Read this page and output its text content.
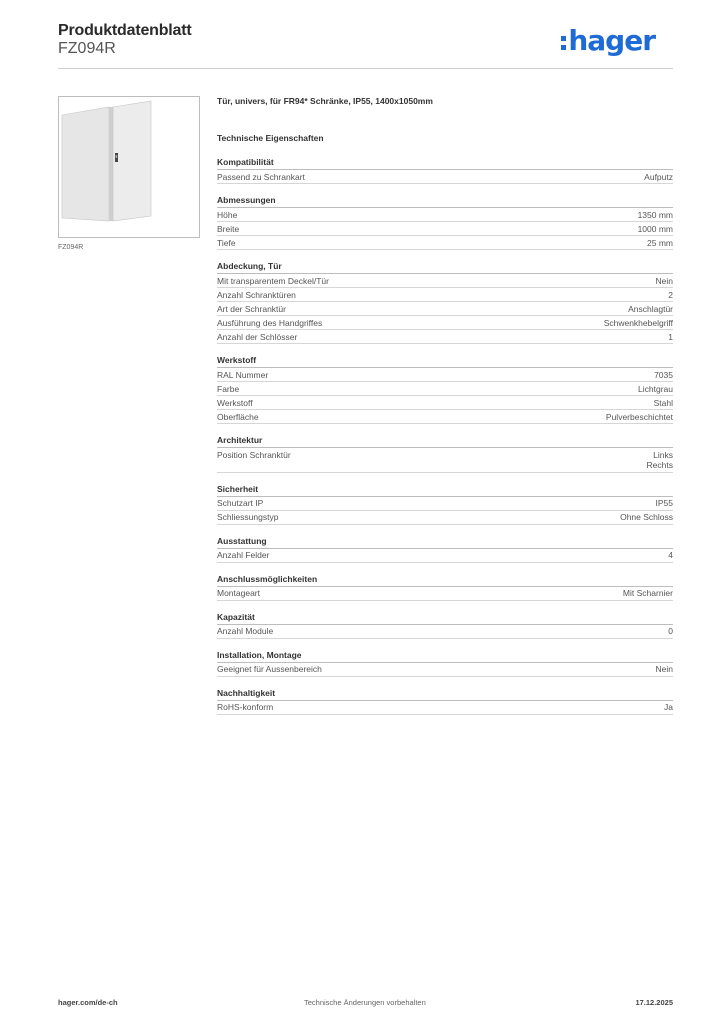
Produktdatenblatt
FZ094R	hager
FZ094R
Tür, univers, für FR94* Schränke, IP55, 1400x1050mm
Technische Eigenschaften
Kompatibilität
Passend zu Schrankart	Aufputz
Abmessungen
Höhe	1350 mm
Breite	1000 mm
Tiefe	25 mm
Abdeckung, Tür
Mit transparentem Deckel/Tür	Nein
Anzahl Schranktüren	2
Art der Schranktür	Anschlagtür
Ausführung des Handgriffes	Schwenkhebelgriff
Anzahl der Schlösser	1
Werkstoff
RAL Nummer	7035
Farbe	Lichtgrau
Werkstoff	Stahl
Oberfläche	Pulverbeschichtet
Architektur
Position Schranktür	Links
Rechts
Sicherheit
Schutzart IP	IP55
Schliessungstyp	Ohne Schloss
Ausstattung
Anzahl Felder	4
Anschlussmöglichkeiten
Montageart	Mit Scharnier
Kapazität
Anzahl Module	0
Installation, Montage
Geeignet für Aussenbereich	Nein
Nachhaltigkeit
RoHS-konform	Ja
hager.com/de-ch	Technische Änderungen vorbehalten	17.12.2025
